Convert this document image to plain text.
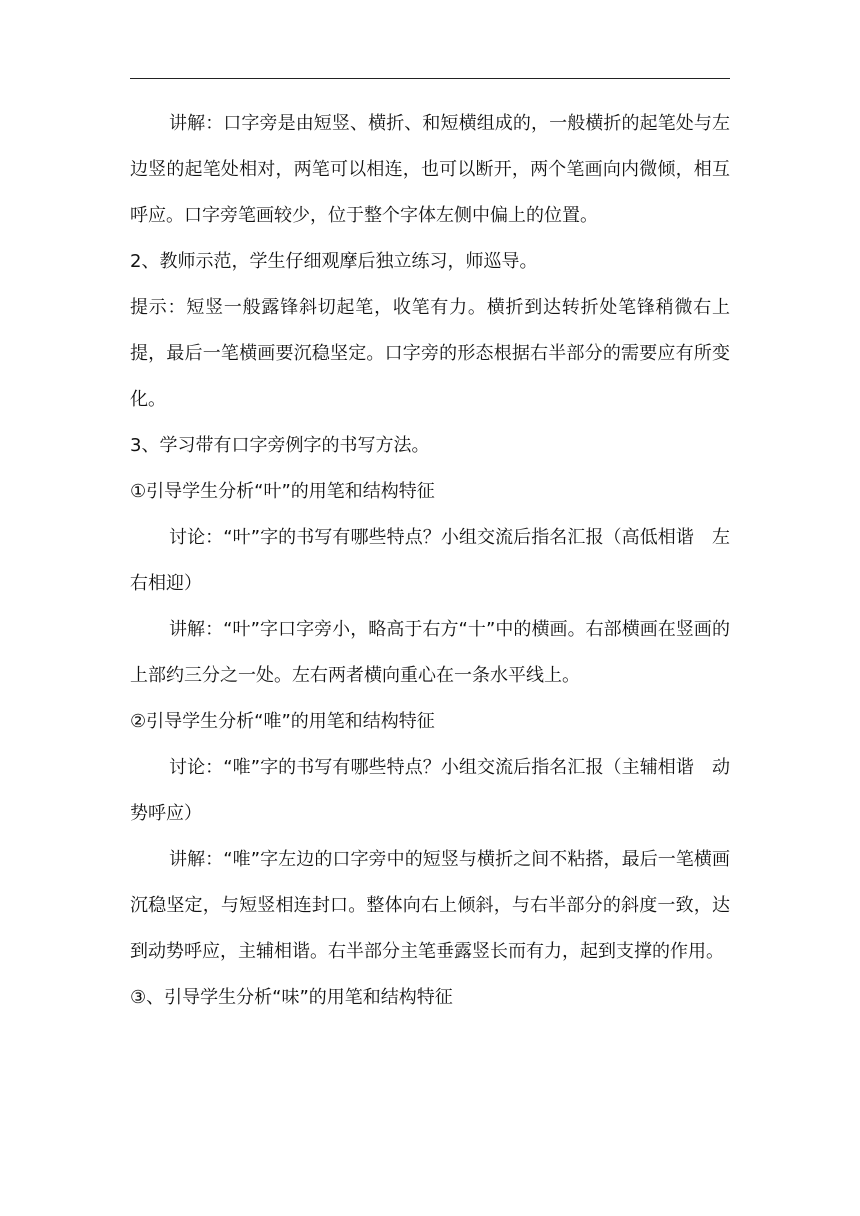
讲解：口字旁是由短竖、横折、和短横组成的，一般横折的起笔处与左边竖的起笔处相对，两笔可以相连，也可以断开，两个笔画向内微倾，相互呼应。口字旁笔画较少，位于整个字体左侧中偏上的位置。

2、教师示范，学生仔细观摩后独立练习，师巡导。

提示：短竖一般露锋斜切起笔，收笔有力。横折到达转折处笔锋稍微右上提，最后一笔横画要沉稳坚定。口字旁的形态根据右半部分的需要应有所变化。

3、学习带有口字旁例字的书写方法。

①引导学生分析“叶”的用笔和结构特征

讨论：“叶”字的书写有哪些特点？小组交流后指名汇报（高低相谐　左右相迎）

讲解：“叶”字口字旁小，略高于右方“十”中的横画。右部横画在竖画的上部约三分之一处。左右两者横向重心在一条水平线上。

②引导学生分析“唯”的用笔和结构特征

讨论：“唯”字的书写有哪些特点？小组交流后指名汇报（主辅相谐　动势呼应）

讲解：“唯”字左边的口字旁中的短竖与横折之间不粘搭，最后一笔横画沉稳坚定，与短竖相连封口。整体向右上倾斜，与右半部分的斜度一致，达到动势呼应，主辅相谐。右半部分主笔垂露竖长而有力，起到支撑的作用。

③、引导学生分析“味”的用笔和结构特征
